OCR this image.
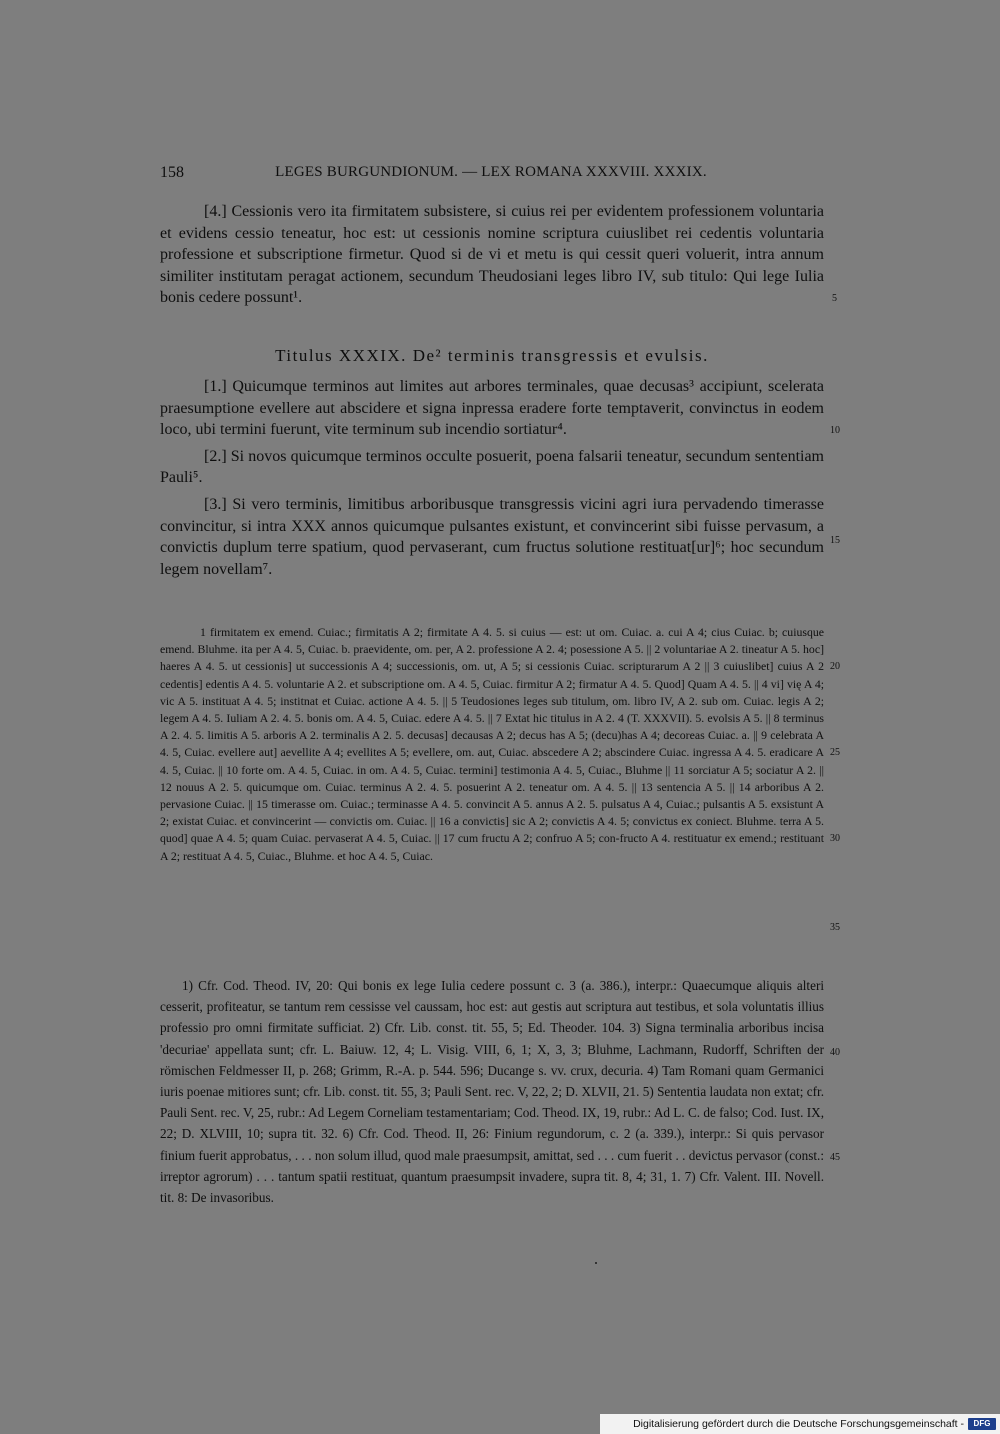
158	LEGES BURGUNDIONUM. — LEX ROMANA XXXVIII. XXXIX.

[4.] Cessionis vero ita firmitatem subsistere, si cuius rei per evidentem professionem voluntaria et evidens cessio teneatur, hoc est: ut cessionis nomine scriptura cuiuslibet rei cedentis voluntaria professione et subscriptione firmetur. Quod si de vi et metu is qui cessit queri voluerit, intra annum similiter institutam peragat actionem, secundum Theudosiani leges libro IV, sub titulo: Qui lege Iulia bonis cedere possunt¹.

Titulus XXXIX. De² terminis transgressis et evulsis.

[1.] Quicumque terminos aut limites aut arbores terminales, quae decusas³ accipiunt, scelerata praesumptione evellere aut abscidere et signa inpressa eradere forte temptaverit, convinctus in eodem loco, ubi termini fuerunt, vite terminum sub incendio sortiatur⁴.

[2.] Si novos quicumque terminos occulte posuerit, poena falsarii teneatur, secundum sententiam Pauli⁵.

[3.] Si vero terminis, limitibus arboribusque transgressis vicini agri iura pervadendo timerasse convincitur, si intra XXX annos quicumque pulsantes existunt, et convincerint sibi fuisse pervasum, a convictis duplum terre spatium, quod pervaserant, cum fructus solutione restituat[ur]⁶; hoc secundum legem novellam⁷.

1 firmitatem ex emend. Cuiac.; firmitatis A 2; firmitate A 4. 5. si cuius — est: ut om. Cuiac. a. cui A 4; cius Cuiac. b; cuiusque emend. Bluhme. ita per A 4. 5, Cuiac. b. praevidente, om. per, A 2. professione A 2. 4; posessione A 5. || 2 voluntariae A 2. tineatur A 5. hoc] haeres A 4. 5. ut cessionis] ut successionis A 4; successionis, om. ut, A 5; si cessionis Cuiac. scripturarum A 2 || 3 cuiuslibet] cuius A 2 cedentis] edentis A 4. 5. voluntarie A 2. et subscriptione om. A 4. 5, Cuiac. firmitur A 2; firmatur A 4. 5. Quod] Quam A 4. 5. || 4 vi] vię A 4; vic A 5. instituat A 4. 5; institnat et Cuiac. actione A 4. 5. || 5 Teudosiones leges sub titulum, om. libro IV, A 2. sub om. Cuiac. legis A 2; legem A 4. 5. Iuliam A 2. 4. 5. bonis om. A 4. 5, Cuiac. edere A 4. 5. || 7 Extat hic titulus in A 2. 4 (T. XXXVII). 5. evolsis A 5. || 8 terminus A 2. 4. 5. limitis A 5. arboris A 2. terminalis A 2. 5. decusas] decausas A 2; decus has A 5; (decu)has A 4; decoreas Cuiac. a. || 9 celebrata A 4. 5, Cuiac. evellere aut] aevellite A 4; evellites A 5; evellere, om. aut, Cuiac. abscedere A 2; abscindere Cuiac. ingressa A 4. 5. eradicare A 4. 5, Cuiac. || 10 forte om. A 4. 5, Cuiac. in om. A 4. 5, Cuiac. termini] testimonia A 4. 5, Cuiac., Bluhme || 11 sorciatur A 5; sociatur A 2. || 12 nouus A 2. 5. quicumque om. Cuiac. terminus A 2. 4. 5. posuerint A 2. teneatur om. A 4. 5. || 13 sentencia A 5. || 14 arboribus A 2. pervasione Cuiac. || 15 timerasse om. Cuiac.; terminasse A 4. 5. convincit A 5. annus A 2. 5. pulsatus A 4, Cuiac.; pulsantis A 5. exsistunt A 2; existat Cuiac. et convincerint — convictis om. Cuiac. || 16 a convictis] sic A 2; convictis A 4. 5; convictus ex coniect. Bluhme. terra A 5. quod] quae A 4. 5; quam Cuiac. pervaserat A 4. 5, Cuiac. || 17 cum fructu A 2; confruo A 5; con-fructo A 4. restituatur ex emend.; restituant A 2; restituat A 4. 5, Cuiac., Bluhme. et hoc A 4. 5, Cuiac.

1) Cfr. Cod. Theod. IV, 20: Qui bonis ex lege Iulia cedere possunt c. 3 (a. 386.), interpr.: Quaecumque aliquis alteri cesserit, profiteatur, se tantum rem cessisse vel caussam, hoc est: aut gestis aut scriptura aut testibus, et sola voluntatis illius professio pro omni firmitate sufficiat. 2) Cfr. Lib. const. tit. 55, 5; Ed. Theoder. 104. 3) Signa terminalia arboribus incisa 'decuriae' appellata sunt; cfr. L. Baiuw. 12, 4; L. Visig. VIII, 6, 1; X, 3, 3; Bluhme, Lachmann, Rudorff, Schriften der römischen Feldmesser II, p. 268; Grimm, R.-A. p. 544. 596; Ducange s. vv. crux, decuria. 4) Tam Romani quam Germanici iuris poenae mitiores sunt; cfr. Lib. const. tit. 55, 3; Pauli Sent. rec. V, 22, 2; D. XLVII, 21. 5) Sententia laudata non extat; cfr. Pauli Sent. rec. V, 25, rubr.: Ad Legem Corneliam testamentariam; Cod. Theod. IX, 19, rubr.: Ad L. C. de falso; Cod. Iust. IX, 22; D. XLVIII, 10; supra tit. 32. 6) Cfr. Cod. Theod. II, 26: Finium regundorum, c. 2 (a. 339.), interpr.: Si quis pervasor finium fuerit approbatus, . . . non solum illud, quod male praesumpsit, amittat, sed . . . cum fuerit . . devictus pervasor (const.: irreptor agrorum) . . . tantum spatii restituat, quantum praesumpsit invadere, supra tit. 8, 4; 31, 1. 7) Cfr. Valent. III. Novell. tit. 8: De invasoribus.

5
10
15
20
25
30
35
40
45
Digitalisierung gefördert durch die Deutsche Forschungsgemeinschaft -	DFG
